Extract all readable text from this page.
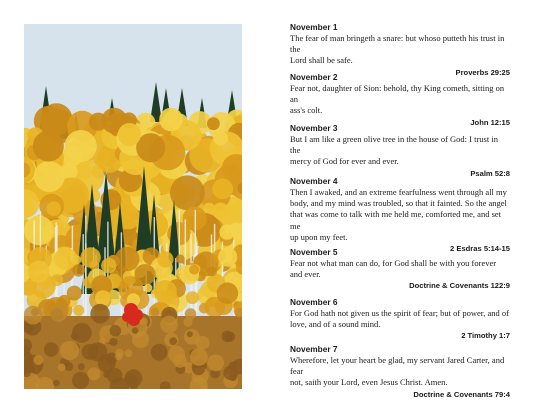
November 1
The fear of man bringeth a snare: but whoso putteth his trust in the
Lord shall be safe.
Proverbs 29:25
November 2
Fear not, daughter of Sion: behold, thy King cometh, sitting on an
ass's colt.
John 12:15
November 3
But I am like a green olive tree in the house of God: I trust in the
mercy of God for ever and ever.
Psalm 52:8
November 4
Then I awaked, and an extreme fearfulness went through all my
body, and my mind was troubled, so that it fainted. So the angel
that was come to talk with me held me, comforted me, and set me
up upon my feet.
2 Esdras 5:14-15
November 5
Fear not what man can do, for God shall be with you forever
and ever.
Doctrine & Covenants 122:9
November 6
For God hath not given us the spirit of fear; but of power, and of
love, and of a sound mind.
2 Timothy 1:7
November 7
Wherefore, let your heart be glad, my servant Jared Carter, and fear
not, saith your Lord, even Jesus Christ. Amen.
Doctrine & Covenants 79:4
